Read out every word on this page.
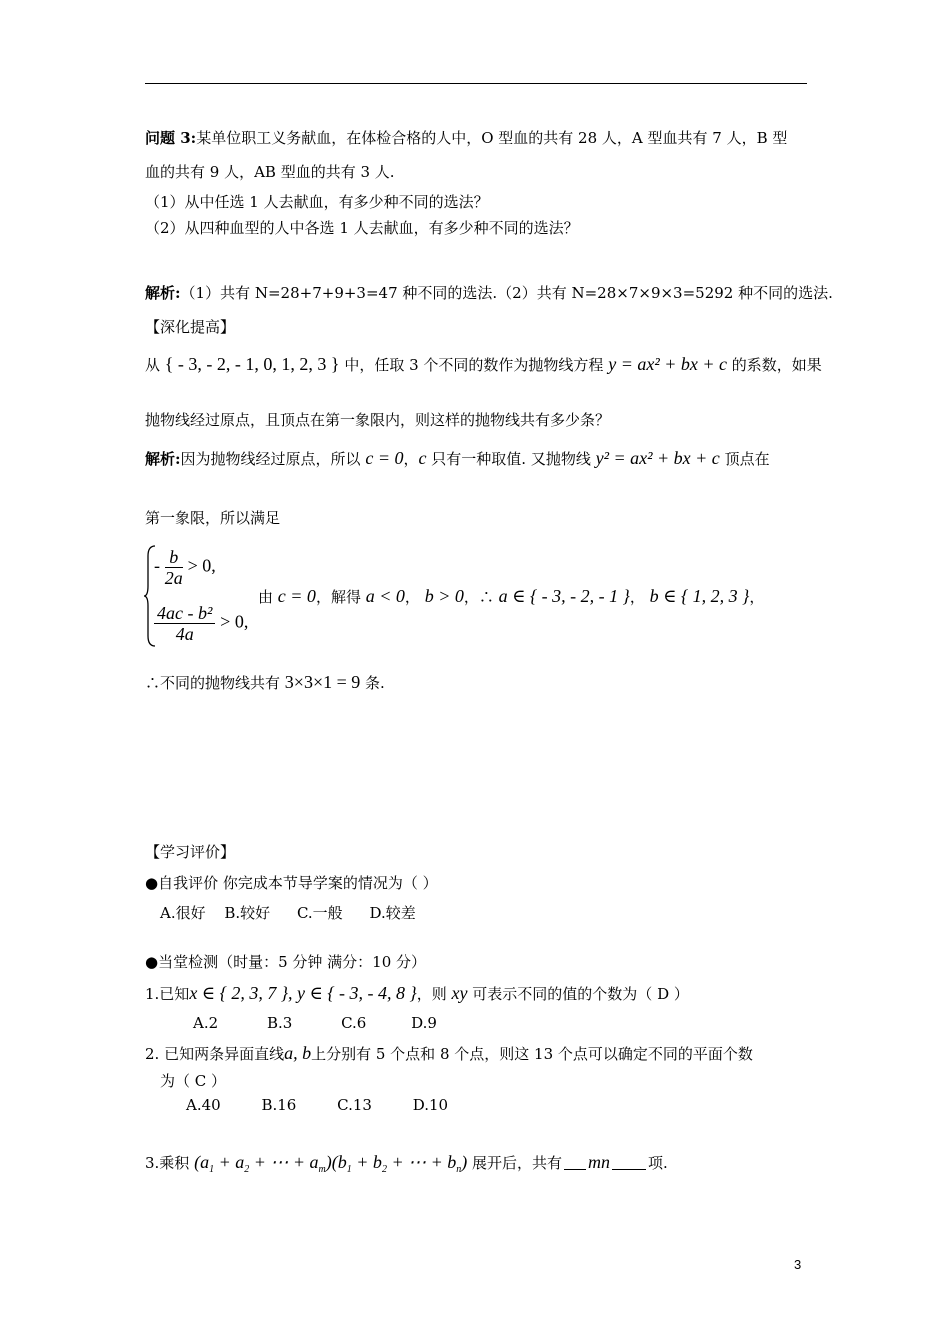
问题 3:某单位职工义务献血，在体检合格的人中，O 型血的共有 28 人，A 型血共有 7 人，B 型
血的共有 9 人，AB 型血的共有 3 人.
（1）从中任选 1 人去献血，有多少种不同的选法？
（2）从四种血型的人中各选 1 人去献血，有多少种不同的选法？
解析:（1）共有 N=28+7+9+3=47 种不同的选法.（2）共有 N=28×7×9×3=5292 种不同的选法.
【深化提高】
从 { - 3, - 2, - 1, 0, 1, 2, 3 } 中，任取 3 个不同的数作为抛物线方程 y = ax² + bx + c 的系数，如果
抛物线经过原点，且顶点在第一象限内，则这样的抛物线共有多少条？
解析:因为抛物线经过原点，所以 c = 0，c 只有一种取值. 又抛物线 y² = ax² + bx + c 顶点在
第一象限，所以满足
- $\frac{b}{2a} > 0$,
$\frac{\text{4ac - b²}}{4a} > 0$,
由 c = 0，解得 a < 0， b > 0，∴ a ∈ { - 3, - 2, - 1 }， b ∈ { 1, 2, 3 }，
∴不同的抛物线共有 3×3×1 = 9 条.
【学习评价】
●自我评价 你完成本节导学案的情况为（ ）
A.很好 B.较好 C.一般 D.较差
●当堂检测（时量：5 分钟 满分：10 分）
1.已知x ∈ { 2, 3, 7 }, y ∈ { - 3, - 4, 8 }，则 xy 可表示不同的值的个数为（ D ）
A.2	B.3	C.6	D.9
2. 已知两条异面直线a, b上分别有 5 个点和 8 个点，则这 13 个点可以确定不同的平面个数
为（ C ）
A.40	B.16	C.13	D.10
3.乘积 ($a_1 + a_2$ + ⋯ + $a_m)(b_1 + b_2$ + ⋯ + $b_n$) 展开后，共有 mn	项.
3
